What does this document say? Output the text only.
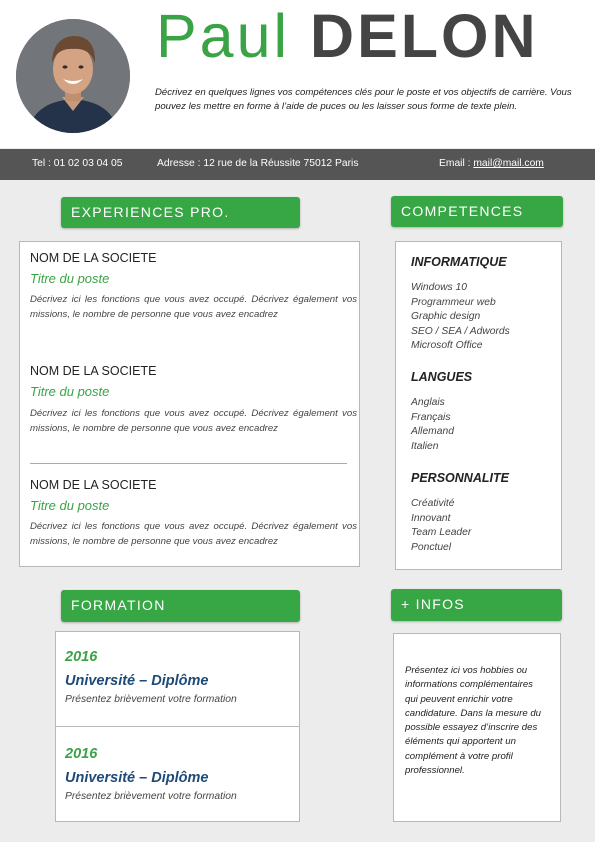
Paul DELON
Décrivez en quelques lignes vos compétences clés pour le poste et vos objectifs de carrière. Vous pouvez les mettre en forme à l’aide de puces ou les laisser sous forme de texte plein.
Tel : 01 02 03 04 05	Adresse : 12 rue de la Réussite 75012 Paris	Email : mail@mail.com
EXPERIENCES PRO.
NOM DE LA SOCIETE
Titre du poste
Décrivez ici les fonctions que vous avez occupé. Décrivez également vos missions, le nombre de personne que vous avez encadrez
NOM DE LA SOCIETE
Titre du poste
Décrivez ici les fonctions que vous avez occupé. Décrivez également vos missions, le nombre de personne que vous avez encadrez
NOM DE LA SOCIETE
Titre du poste
Décrivez ici les fonctions que vous avez occupé. Décrivez également vos missions, le nombre de personne que vous avez encadrez
COMPETENCES
INFORMATIQUE
Windows 10
Programmeur web
Graphic design
SEO / SEA / Adwords
Microsoft Office
LANGUES
Anglais
Français
Allemand
Italien
PERSONNALITE
Créativité
Innovant
Team Leader
Ponctuel
FORMATION
2016
Université – Diplôme
Présentez brièvement votre formation
2016
Université – Diplôme
Présentez brièvement votre formation
+ INFOS
Présentez ici vos hobbies ou informations complémentaires qui peuvent enrichir votre candidature. Dans la mesure du possible essayez d’inscrire des éléments qui apportent un complément à votre profil professionnel.
